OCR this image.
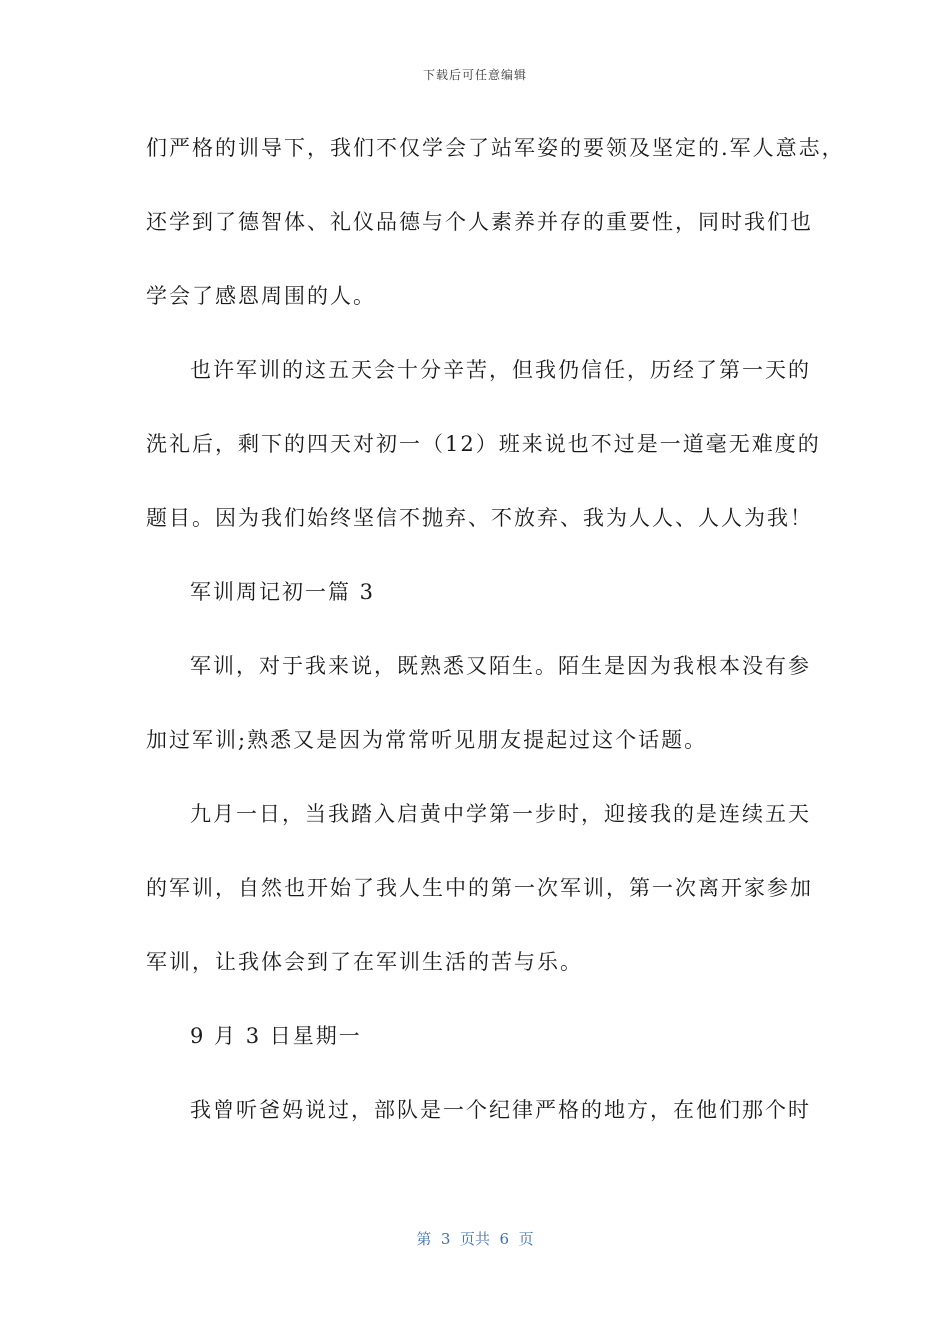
下载后可任意编辑
们严格的训导下，我们不仅学会了站军姿的要领及坚定的.军人意志，
还学到了德智体、礼仪品德与个人素养并存的重要性，同时我们也
学会了感恩周围的人。
也许军训的这五天会十分辛苦，但我仍信任，历经了第一天的
洗礼后，剩下的四天对初一（12）班来说也不过是一道毫无难度的
题目。因为我们始终坚信不抛弃、不放弃、我为人人、人人为我！
军训周记初一篇 3
军训，对于我来说，既熟悉又陌生。陌生是因为我根本没有参
加过军训;熟悉又是因为常常听见朋友提起过这个话题。
九月一日，当我踏入启黄中学第一步时，迎接我的是连续五天
的军训，自然也开始了我人生中的第一次军训，第一次离开家参加
军训，让我体会到了在军训生活的苦与乐。
9 月 3 日星期一
我曾听爸妈说过，部队是一个纪律严格的地方，在他们那个时
第  3  页共  6  页
